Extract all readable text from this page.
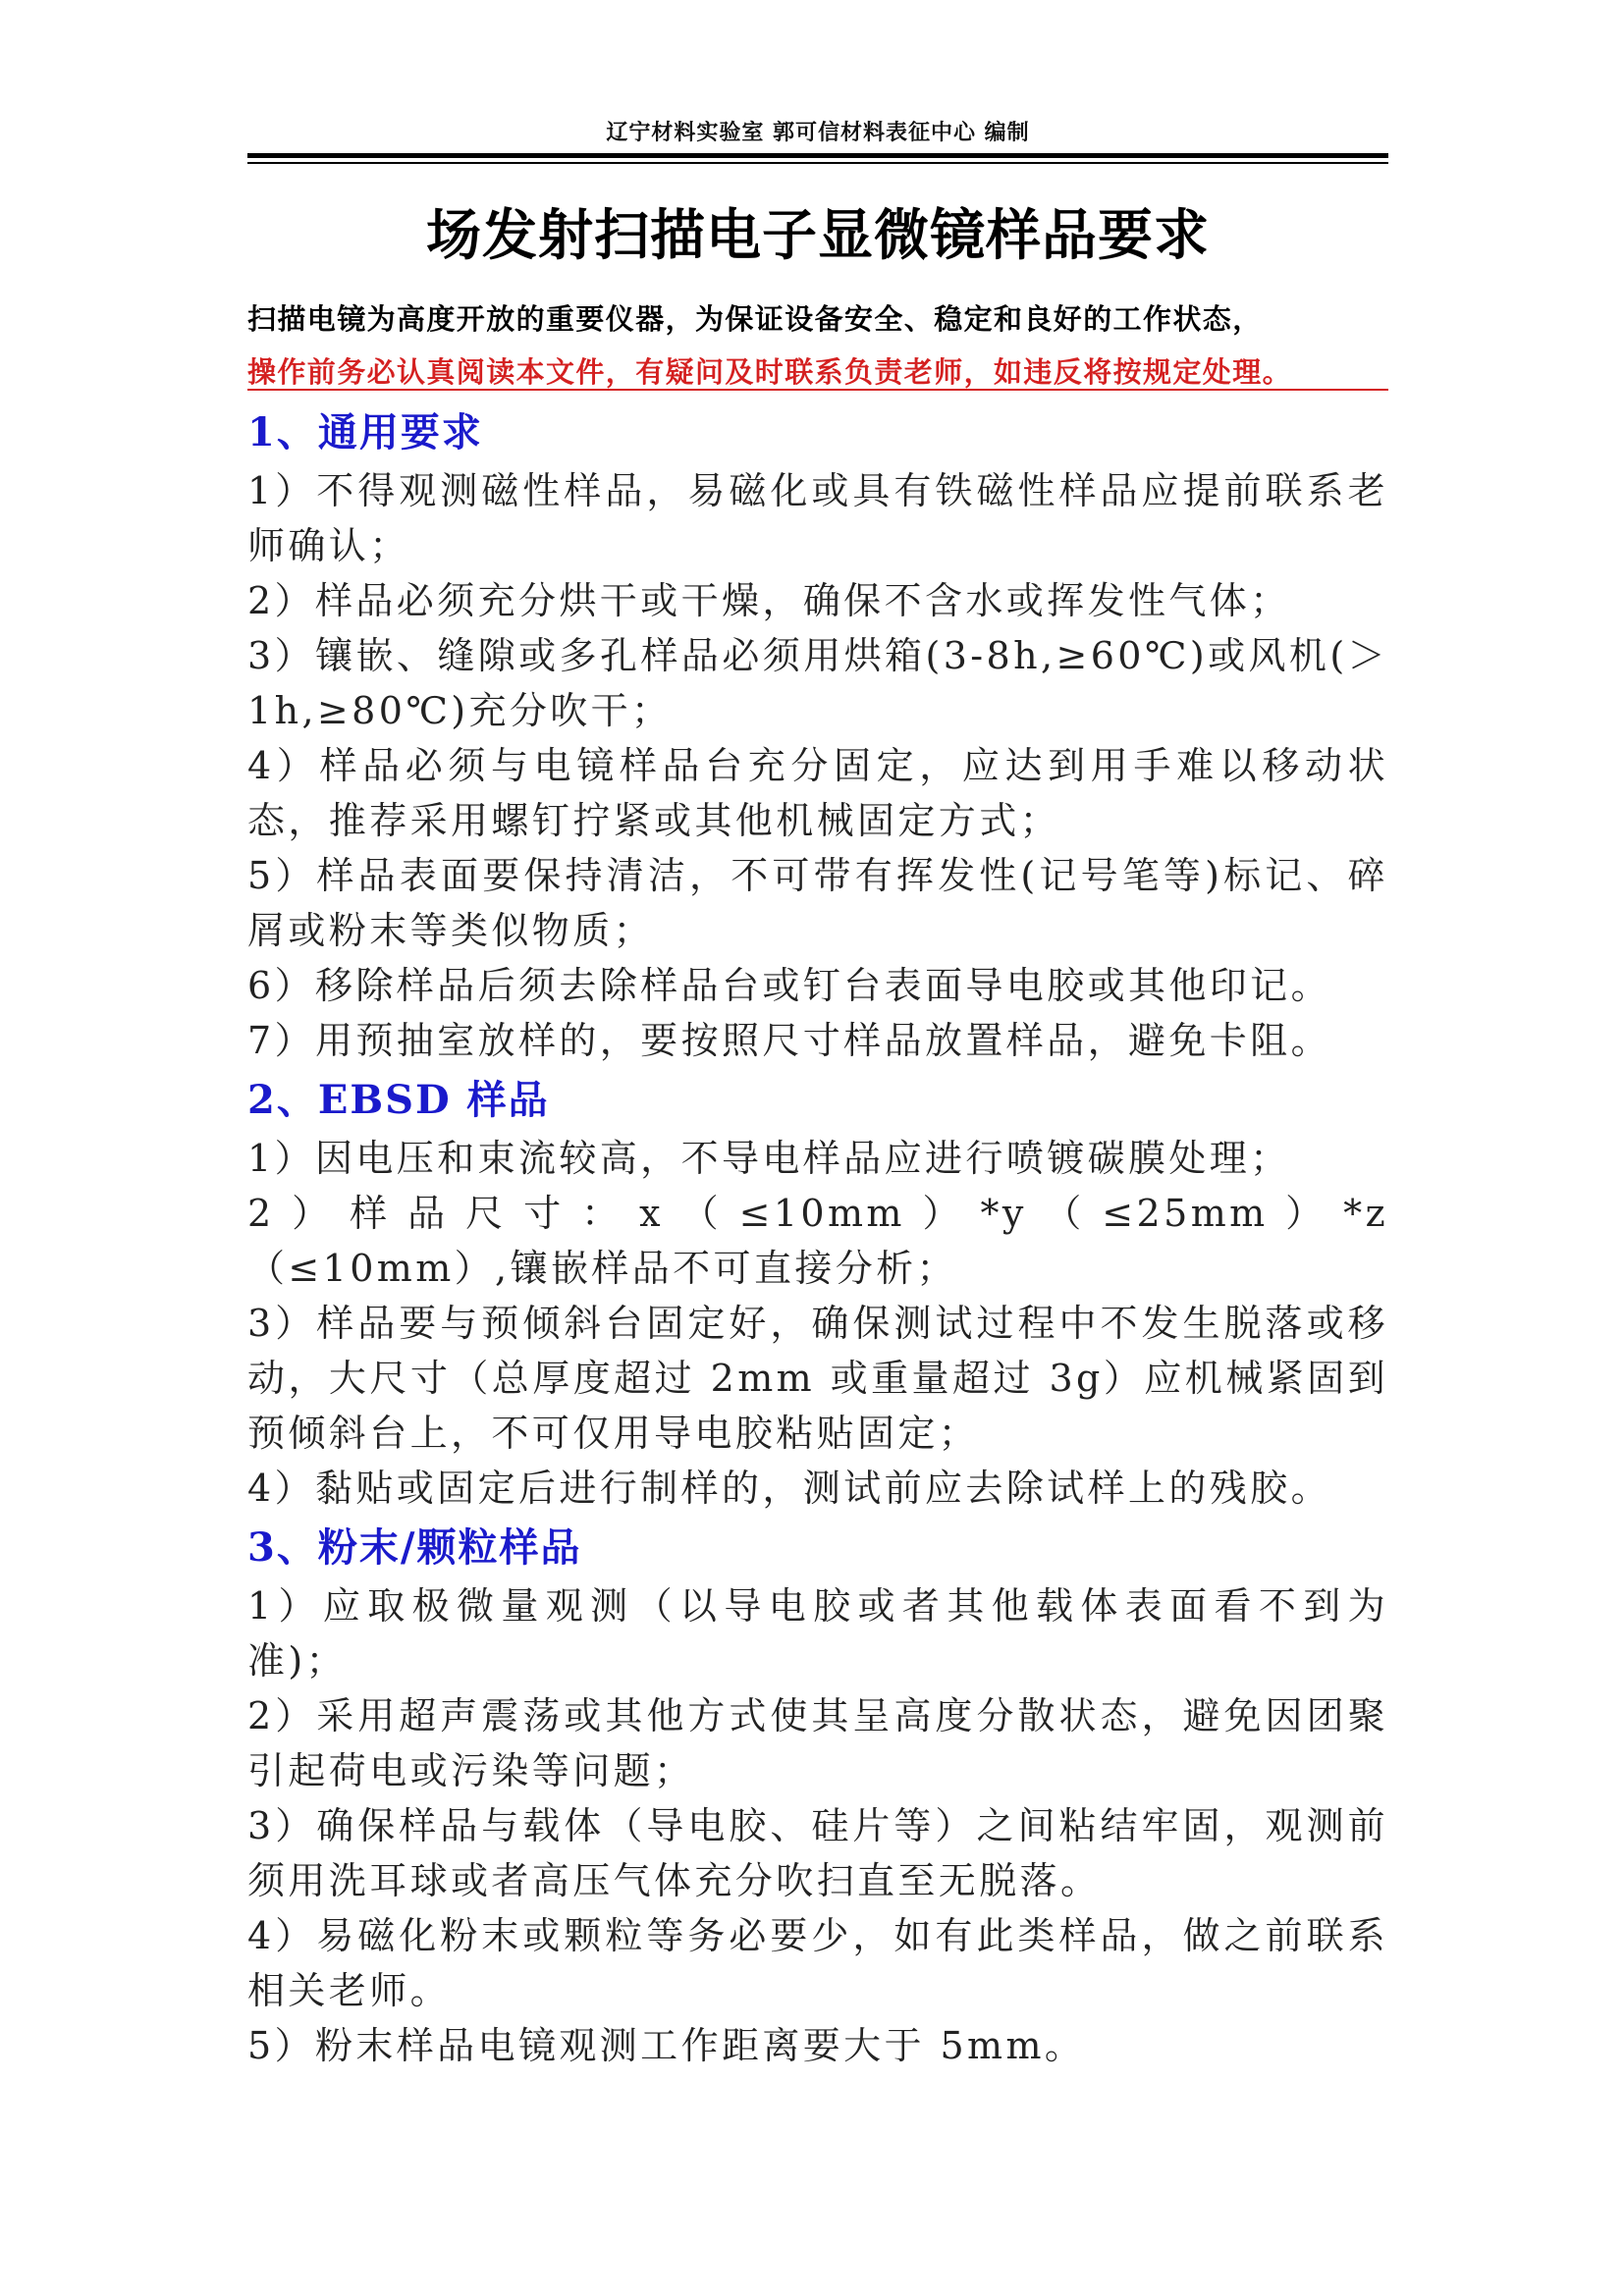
辽宁材料实验室 郭可信材料表征中心 编制
场发射扫描电子显微镜样品要求
扫描电镜为高度开放的重要仪器，为保证设备安全、稳定和良好的工作状态，
操作前务必认真阅读本文件，有疑问及时联系负责老师，如违反将按规定处理。
1、通用要求
1）不得观测磁性样品，易磁化或具有铁磁性样品应提前联系老师确认；
2）样品必须充分烘干或干燥，确保不含水或挥发性气体；
3）镶嵌、缝隙或多孔样品必须用烘箱(3-8h,≥60℃)或风机(＞1h,≥80℃)充分吹干；
4）样品必须与电镜样品台充分固定，应达到用手难以移动状态，推荐采用螺钉拧紧或其他机械固定方式；
5）样品表面要保持清洁，不可带有挥发性(记号笔等)标记、碎屑或粉末等类似物质；
6）移除样品后须去除样品台或钉台表面导电胶或其他印记。
7）用预抽室放样的，要按照尺寸样品放置样品，避免卡阻。
2、EBSD 样品
1）因电压和束流较高，不导电样品应进行喷镀碳膜处理；
2）样品尺寸：x（≤10mm）*y（≤25mm）*z（≤10mm）,镶嵌样品不可直接分析；
3）样品要与预倾斜台固定好，确保测试过程中不发生脱落或移动，大尺寸（总厚度超过 2mm 或重量超过 3g）应机械紧固到预倾斜台上，不可仅用导电胶粘贴固定；
4）黏贴或固定后进行制样的，测试前应去除试样上的残胶。
3、粉末/颗粒样品
1）应取极微量观测（以导电胶或者其他载体表面看不到为准)；
2）采用超声震荡或其他方式使其呈高度分散状态，避免因团聚引起荷电或污染等问题；
3）确保样品与载体（导电胶、硅片等）之间粘结牢固，观测前须用洗耳球或者高压气体充分吹扫直至无脱落。
4）易磁化粉末或颗粒等务必要少，如有此类样品，做之前联系相关老师。
5）粉末样品电镜观测工作距离要大于 5mm。
